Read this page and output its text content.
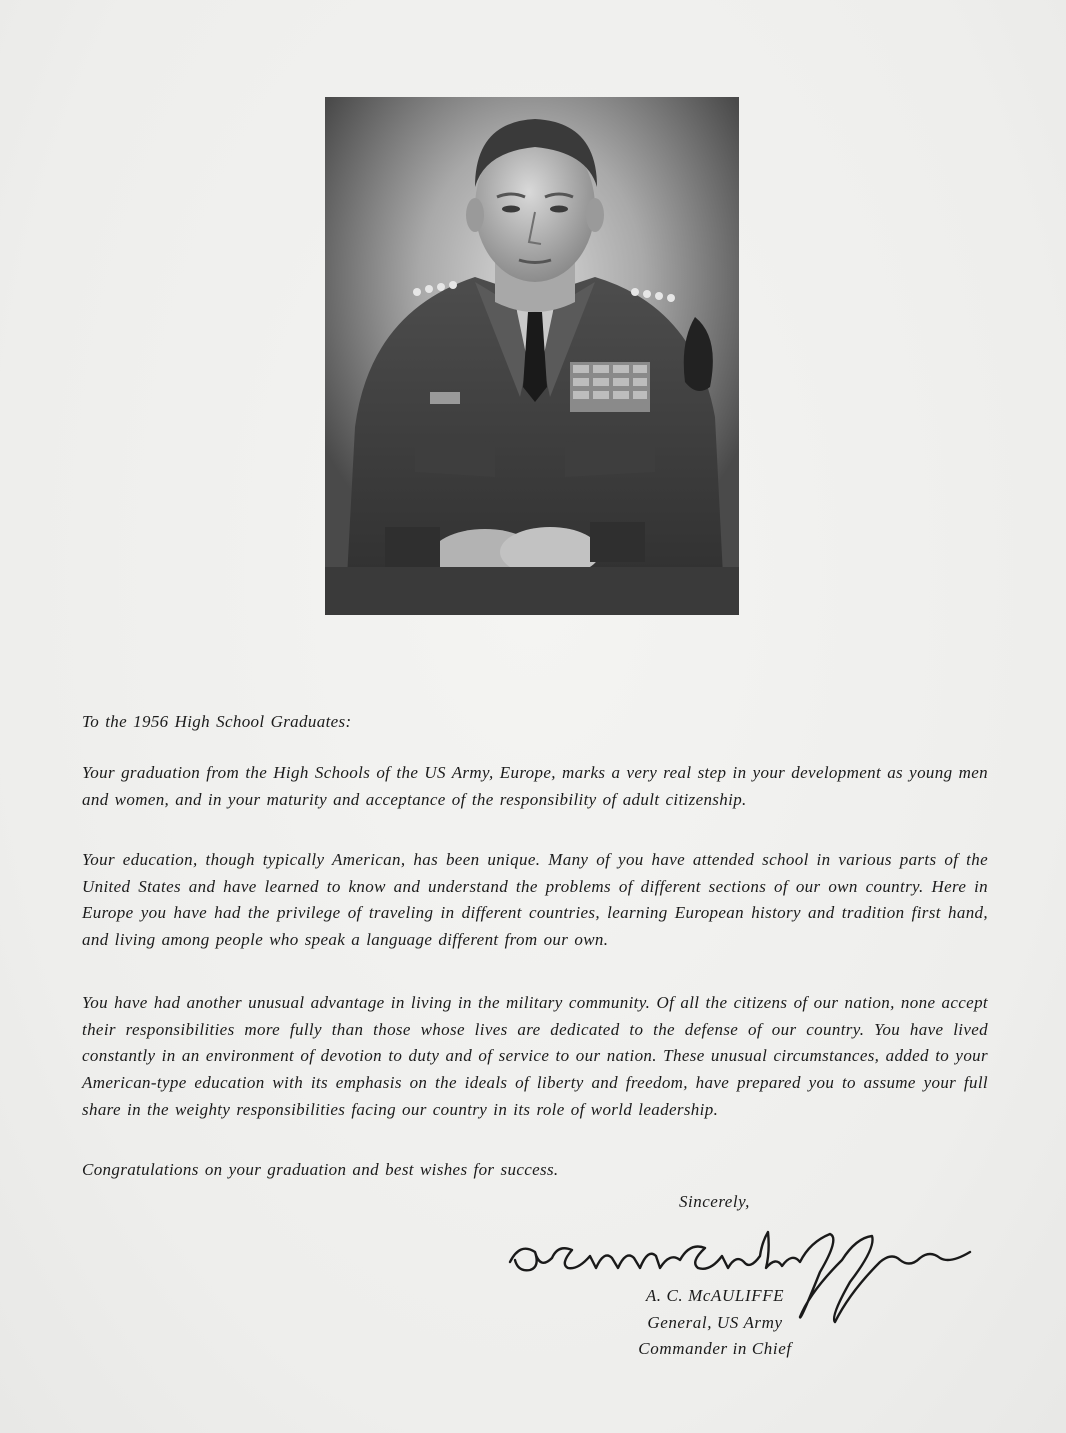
To the 1956 High School Graduates:

Your graduation from the High Schools of the US Army, Europe, marks a very real step in your development as young men and women, and in your maturity and acceptance of the responsibility of adult citizenship.

Your education, though typically American, has been unique. Many of you have attended school in various parts of the United States and have learned to know and understand the problems of different sections of our own country. Here in Europe you have had the privilege of traveling in different countries, learning European history and tradition first hand, and living among people who speak a language different from our own.

You have had another unusual advantage in living in the military community. Of all the citizens of our nation, none accept their responsibilities more fully than those whose lives are dedicated to the defense of our country. You have lived constantly in an environment of devotion to duty and of service to our nation. These unusual circumstances, added to your American-type education with its emphasis on the ideals of liberty and freedom, have prepared you to assume your full share in the weighty responsibilities facing our country in its role of world leadership.

Congratulations on your graduation and best wishes for success.

Sincerely,
A. C. McAULIFFE
General, US Army
Commander in Chief
